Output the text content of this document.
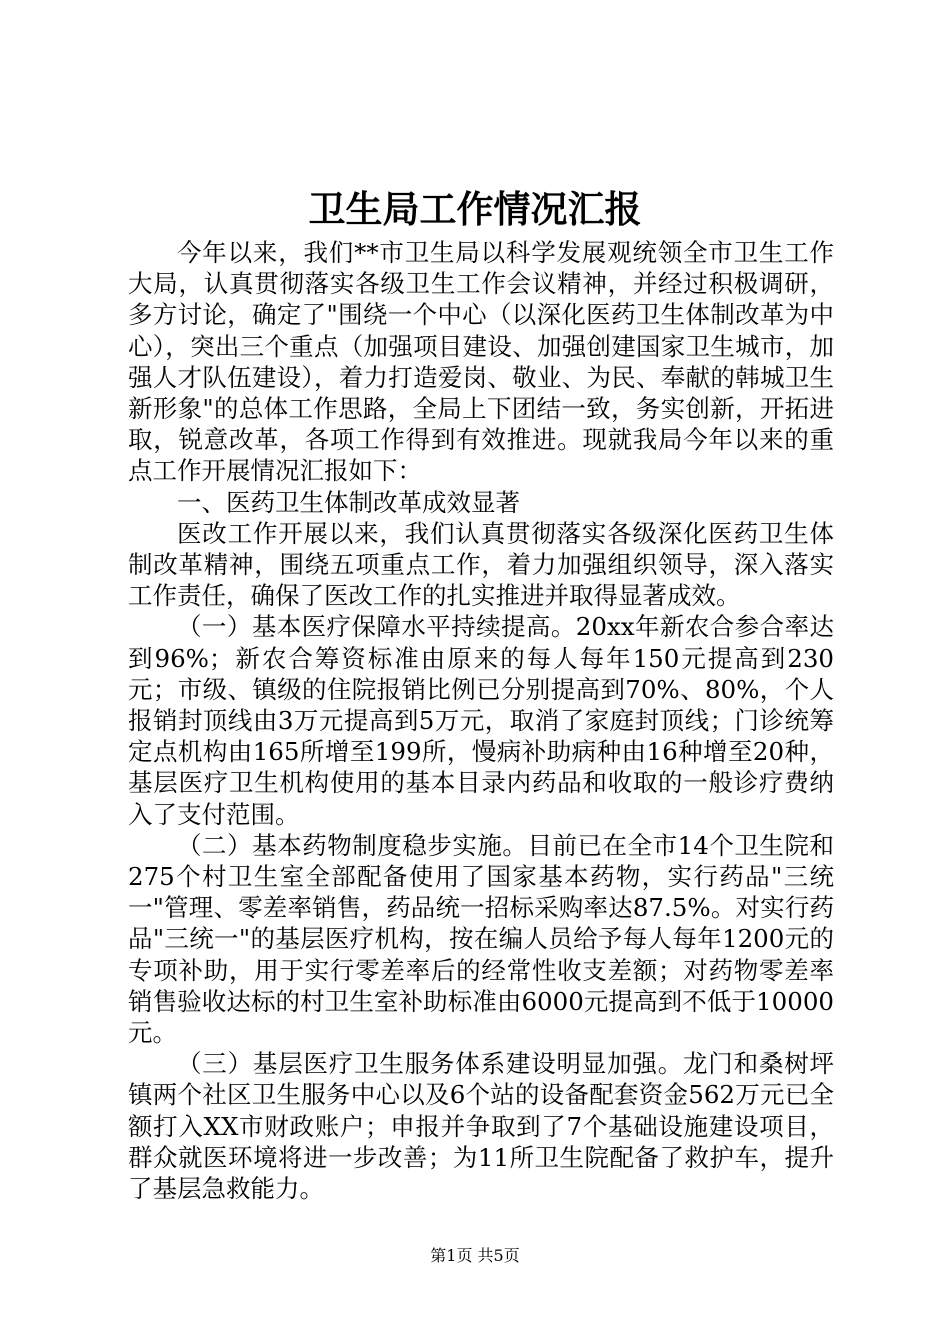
卫生局工作情况汇报

今年以来，我们**市卫生局以科学发展观统领全市卫生工作大局，认真贯彻落实各级卫生工作会议精神，并经过积极调研，多方讨论，确定了"围绕一个中心（以深化医药卫生体制改革为中心），突出三个重点（加强项目建设、加强创建国家卫生城市，加强人才队伍建设），着力打造爱岗、敬业、为民、奉献的韩城卫生新形象"的总体工作思路，全局上下团结一致，务实创新，开拓进取，锐意改革，各项工作得到有效推进。现就我局今年以来的重点工作开展情况汇报如下：

一、医药卫生体制改革成效显著

医改工作开展以来，我们认真贯彻落实各级深化医药卫生体制改革精神，围绕五项重点工作，着力加强组织领导，深入落实工作责任，确保了医改工作的扎实推进并取得显著成效。

（一）基本医疗保障水平持续提高。20xx年新农合参合率达到96%；新农合筹资标准由原来的每人每年150元提高到230元；市级、镇级的住院报销比例已分别提高到70%、80%，个人报销封顶线由3万元提高到5万元，取消了家庭封顶线；门诊统筹定点机构由165所增至199所，慢病补助病种由16种增至20种，基层医疗卫生机构使用的基本目录内药品和收取的一般诊疗费纳入了支付范围。

（二）基本药物制度稳步实施。目前已在全市14个卫生院和275个村卫生室全部配备使用了国家基本药物，实行药品"三统一"管理、零差率销售，药品统一招标采购率达87.5%。对实行药品"三统一"的基层医疗机构，按在编人员给予每人每年1200元的专项补助，用于实行零差率后的经常性收支差额；对药物零差率销售验收达标的村卫生室补助标准由6000元提高到不低于10000元。

（三）基层医疗卫生服务体系建设明显加强。龙门和桑树坪镇两个社区卫生服务中心以及6个站的设备配套资金562万元已全额打入XX市财政账户；申报并争取到了7个基础设施建设项目，群众就医环境将进一步改善；为11所卫生院配备了救护车，提升了基层急救能力。

第1页 共5页
